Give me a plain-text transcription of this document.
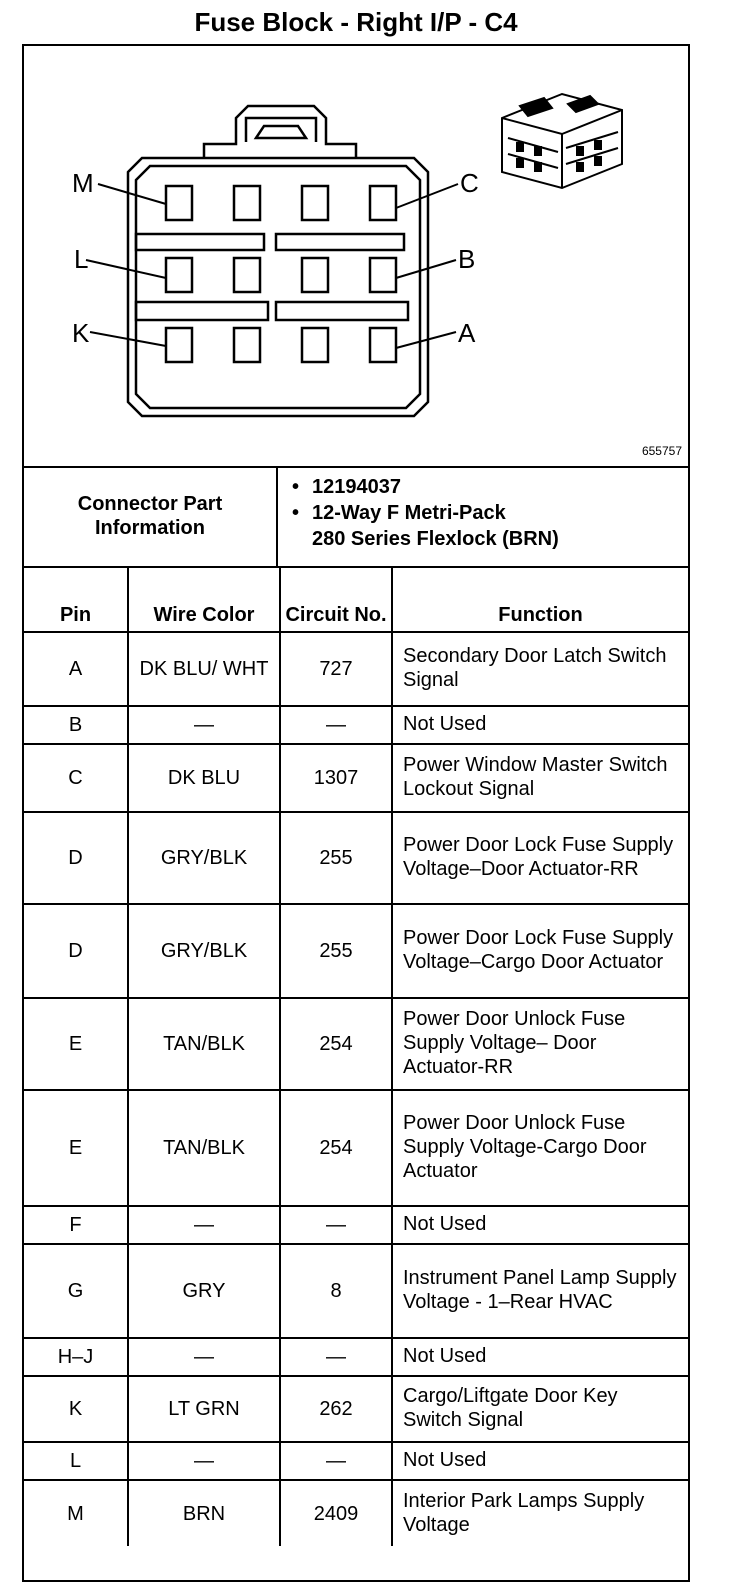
Fuse Block - Right I/P - C4
M
L
K
C
B
A
655757
Connector Part Information
• 12194037
• 12-Way F Metri-Pack
280 Series Flexlock (BRN)
Pin	Wire Color	Circuit No.	Function
A	DK BLU/ WHT	727	Secondary Door Latch Switch Signal
B	—	—	Not Used
C	DK BLU	1307	Power Window Master Switch Lockout Signal
D	GRY/BLK	255	Power Door Lock Fuse Supply Voltage–Door Actuator-RR
D	GRY/BLK	255	Power Door Lock Fuse Supply Voltage–Cargo Door Actuator
E	TAN/BLK	254	Power Door Unlock Fuse Supply Voltage– Door Actuator-RR
E	TAN/BLK	254	Power Door Unlock Fuse Supply Voltage-Cargo Door Actuator
F	—	—	Not Used
G	GRY	8	Instrument Panel Lamp Supply Voltage - 1–Rear HVAC
H–J	—	—	Not Used
K	LT GRN	262	Cargo/Liftgate Door Key Switch Signal
L	—	—	Not Used
M	BRN	2409	Interior Park Lamps Supply Voltage
